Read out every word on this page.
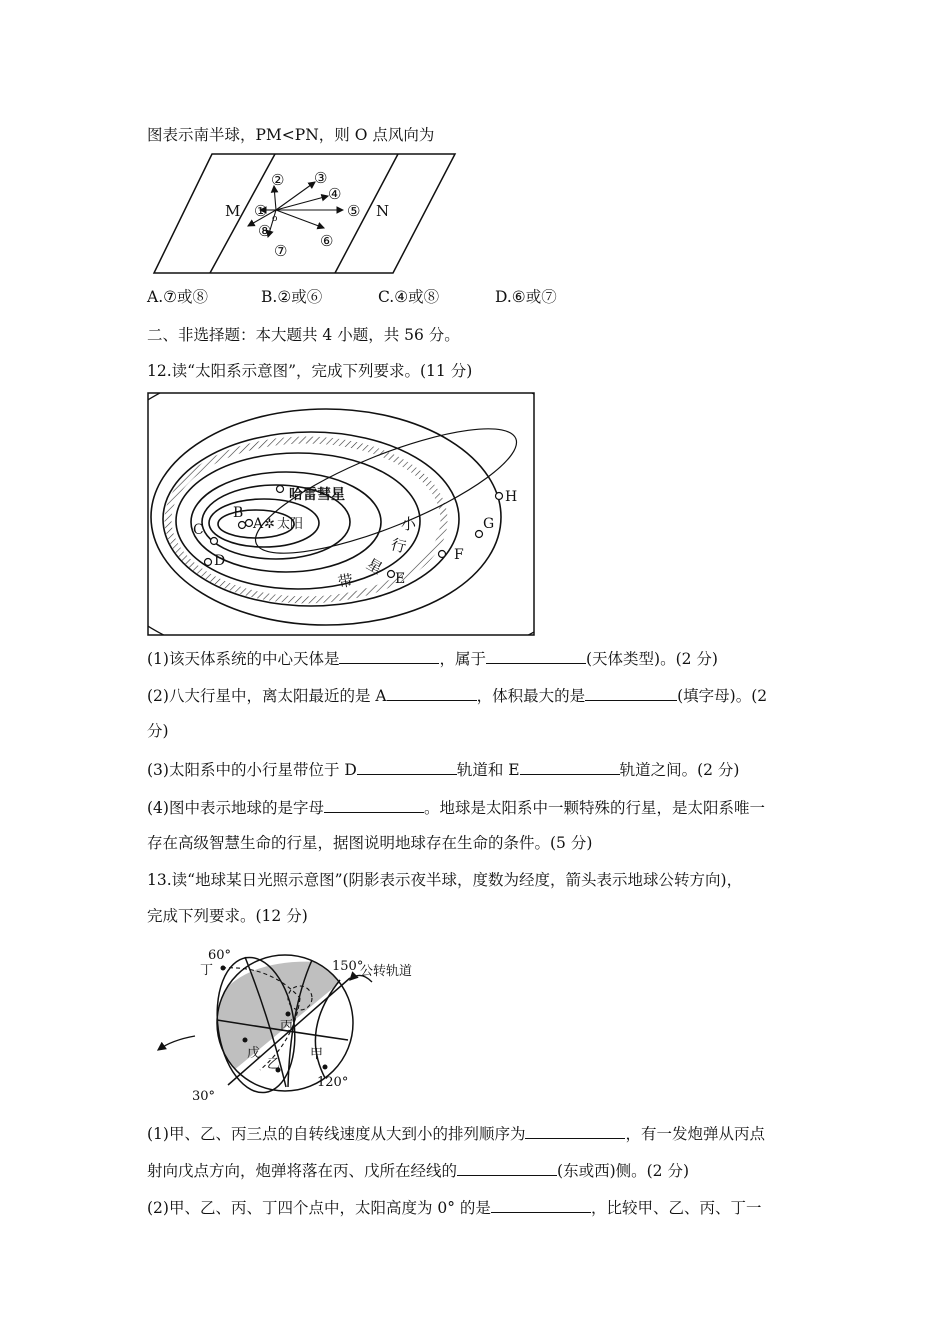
图表示南半球，PM<PN，则 O 点风向为
M	N
o
①
② ③
④
⑤
⑥
⑦
⑧
A.⑦或⑧	B.②或⑥	C.④或⑧	D.⑥或⑦
二、非选择题：本大题共 4 小题，共 56 分。
12.读“太阳系示意图”，完成下列要求。(11 分)
A ✲ 太阳
B
C
D
E
F
G
H
哈雷彗星
小
行
星
带
(1)该天体系统的中心天体是	，属于	(天体类型)。(2 分)
(2)八大行星中，离太阳最近的是 A	，体积最大的是	(填字母)。(2
分)
(3)太阳系中的小行星带位于 D	轨道和 E	轨道之间。(2 分)
(4)图中表示地球的是字母	。地球是太阳系中一颗特殊的行星，是太阳系唯一
存在高级智慧生命的行星，据图说明地球存在生命的条件。(5 分)
13.读“地球某日光照示意图”(阴影表示夜半球，度数为经度，箭头表示地球公转方向)，
完成下列要求。(12 分)
60°
丁	150°
公转轨道
丙
戊
乙
甲
30°
120°
(1)甲、乙、丙三点的自转线速度从大到小的排列顺序为	，有一发炮弹从丙点
射向戊点方向，炮弹将落在丙、戊所在经线的	(东或西)侧。(2 分)
(2)甲、乙、丙、丁四个点中，太阳高度为 0° 的是	，比较甲、乙、丙、丁一
